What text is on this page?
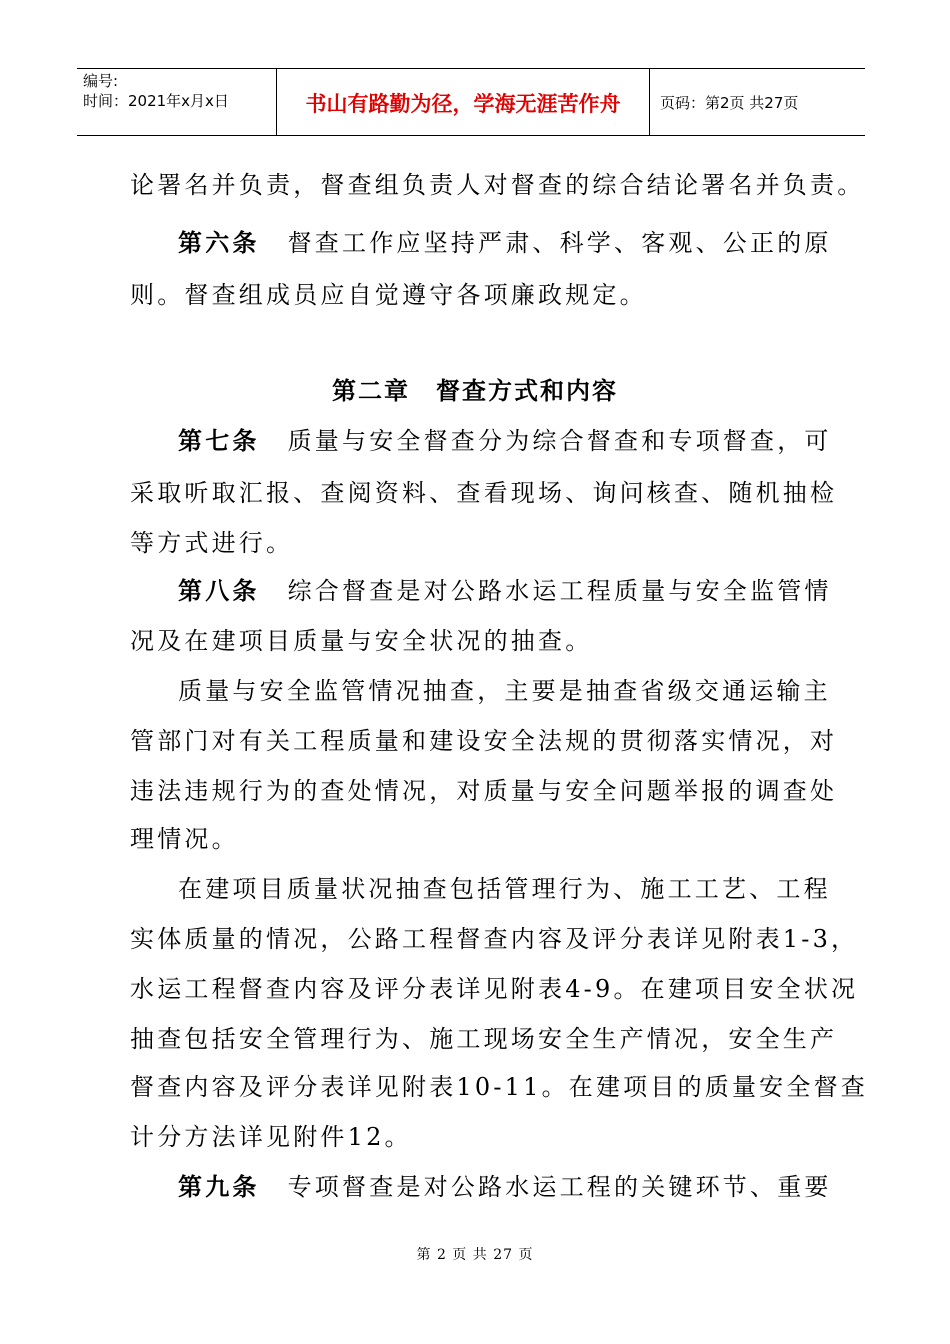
编号:
时间：2021年x月x日	书山有路勤为径，学海无涯苦作舟	页码：第2页 共27页
论署名并负责，督查组负责人对督查的综合结论署名并负责。
第六条 督查工作应坚持严肃、科学、客观、公正的原
则。督查组成员应自觉遵守各项廉政规定。
第二章　督查方式和内容
第七条 质量与安全督查分为综合督查和专项督查，可
采取听取汇报、查阅资料、查看现场、询问核查、随机抽检
等方式进行。
第八条 综合督查是对公路水运工程质量与安全监管情
况及在建项目质量与安全状况的抽查。
质量与安全监管情况抽查，主要是抽查省级交通运输主
管部门对有关工程质量和建设安全法规的贯彻落实情况，对
违法违规行为的查处情况，对质量与安全问题举报的调查处
理情况。
在建项目质量状况抽查包括管理行为、施工工艺、工程
实体质量的情况，公路工程督查内容及评分表详见附表1-3，
水运工程督查内容及评分表详见附表4-9。在建项目安全状况
抽查包括安全管理行为、施工现场安全生产情况，安全生产
督查内容及评分表详见附表10-11。在建项目的质量安全督查
计分方法详见附件12。
第九条 专项督查是对公路水运工程的关键环节、重要
第 2 页 共 27 页
